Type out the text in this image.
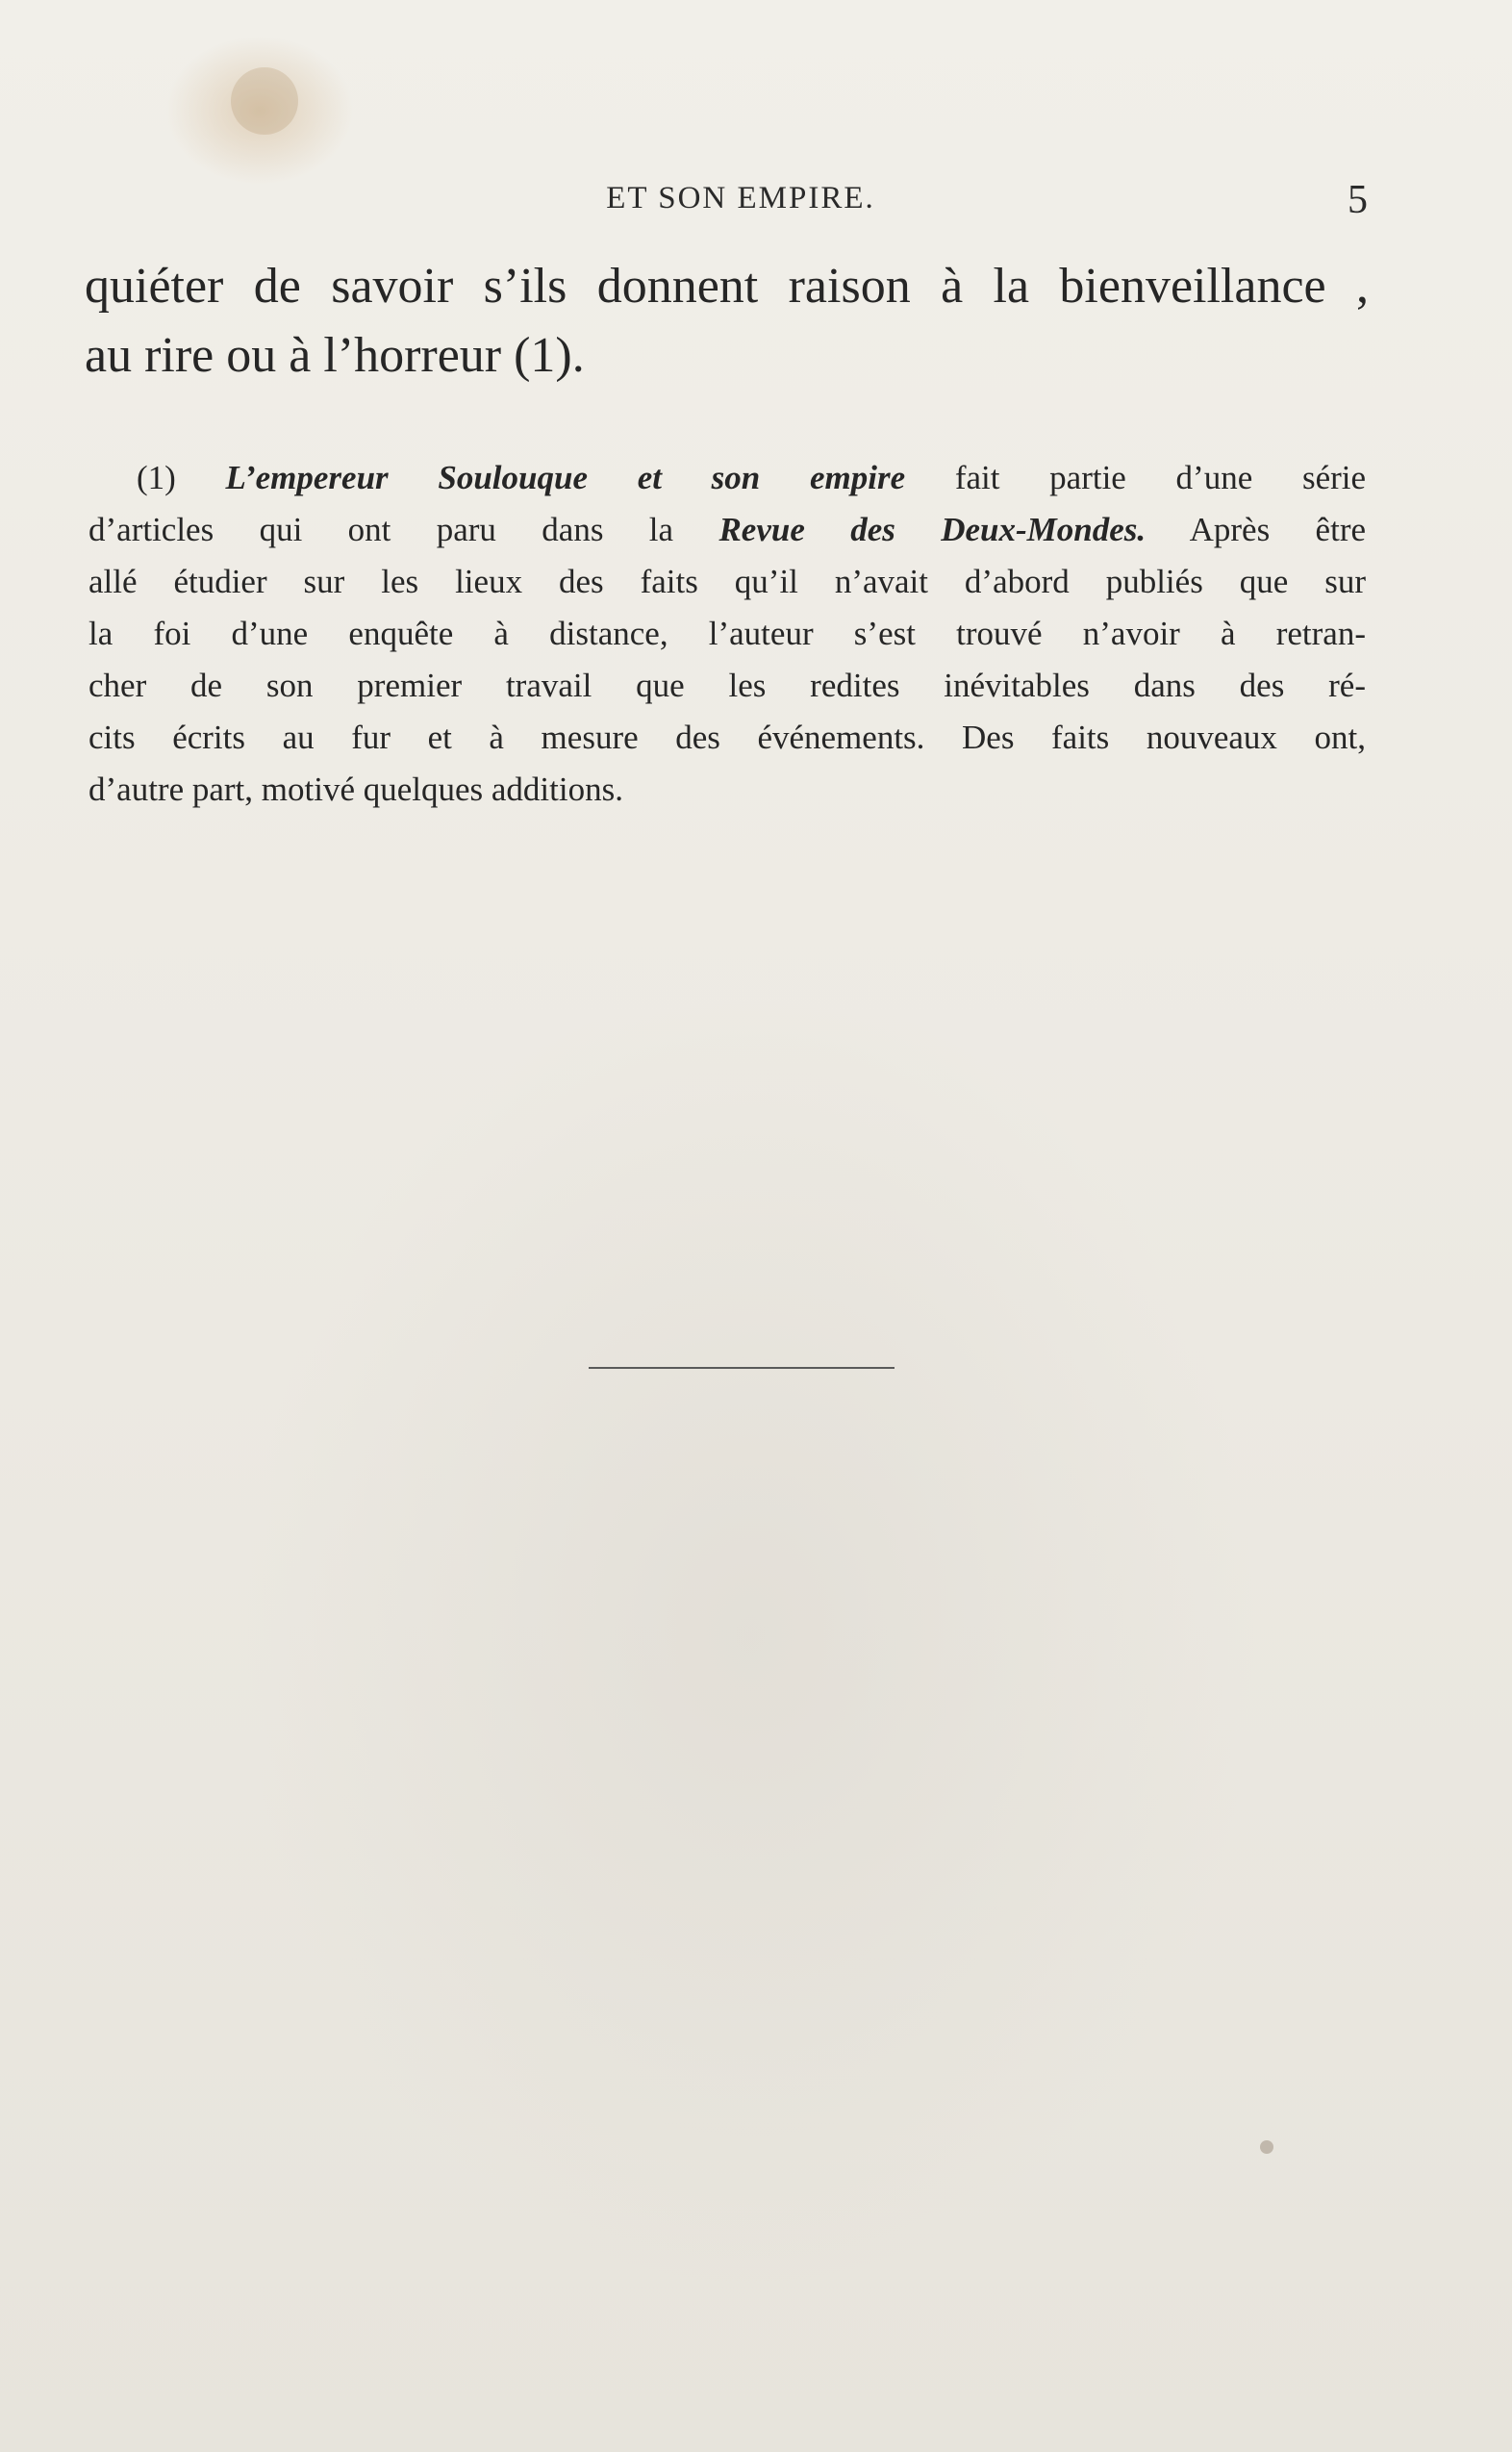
ET SON EMPIRE.	5
quiéter de savoir s’ils donnent raison à la bienveillance ,
au rire ou à l’horreur (1).
(1) L’empereur Soulouque et son empire fait partie d’une série
d’articles qui ont paru dans la Revue des Deux-Mondes. Après être
allé étudier sur les lieux des faits qu’il n’avait d’abord publiés que sur
la foi d’une enquête à distance, l’auteur s’est trouvé n’avoir à retran-
cher de son premier travail que les redites inévitables dans des ré-
cits écrits au fur et à mesure des événements. Des faits nouveaux ont,
d’autre part, motivé quelques additions.
